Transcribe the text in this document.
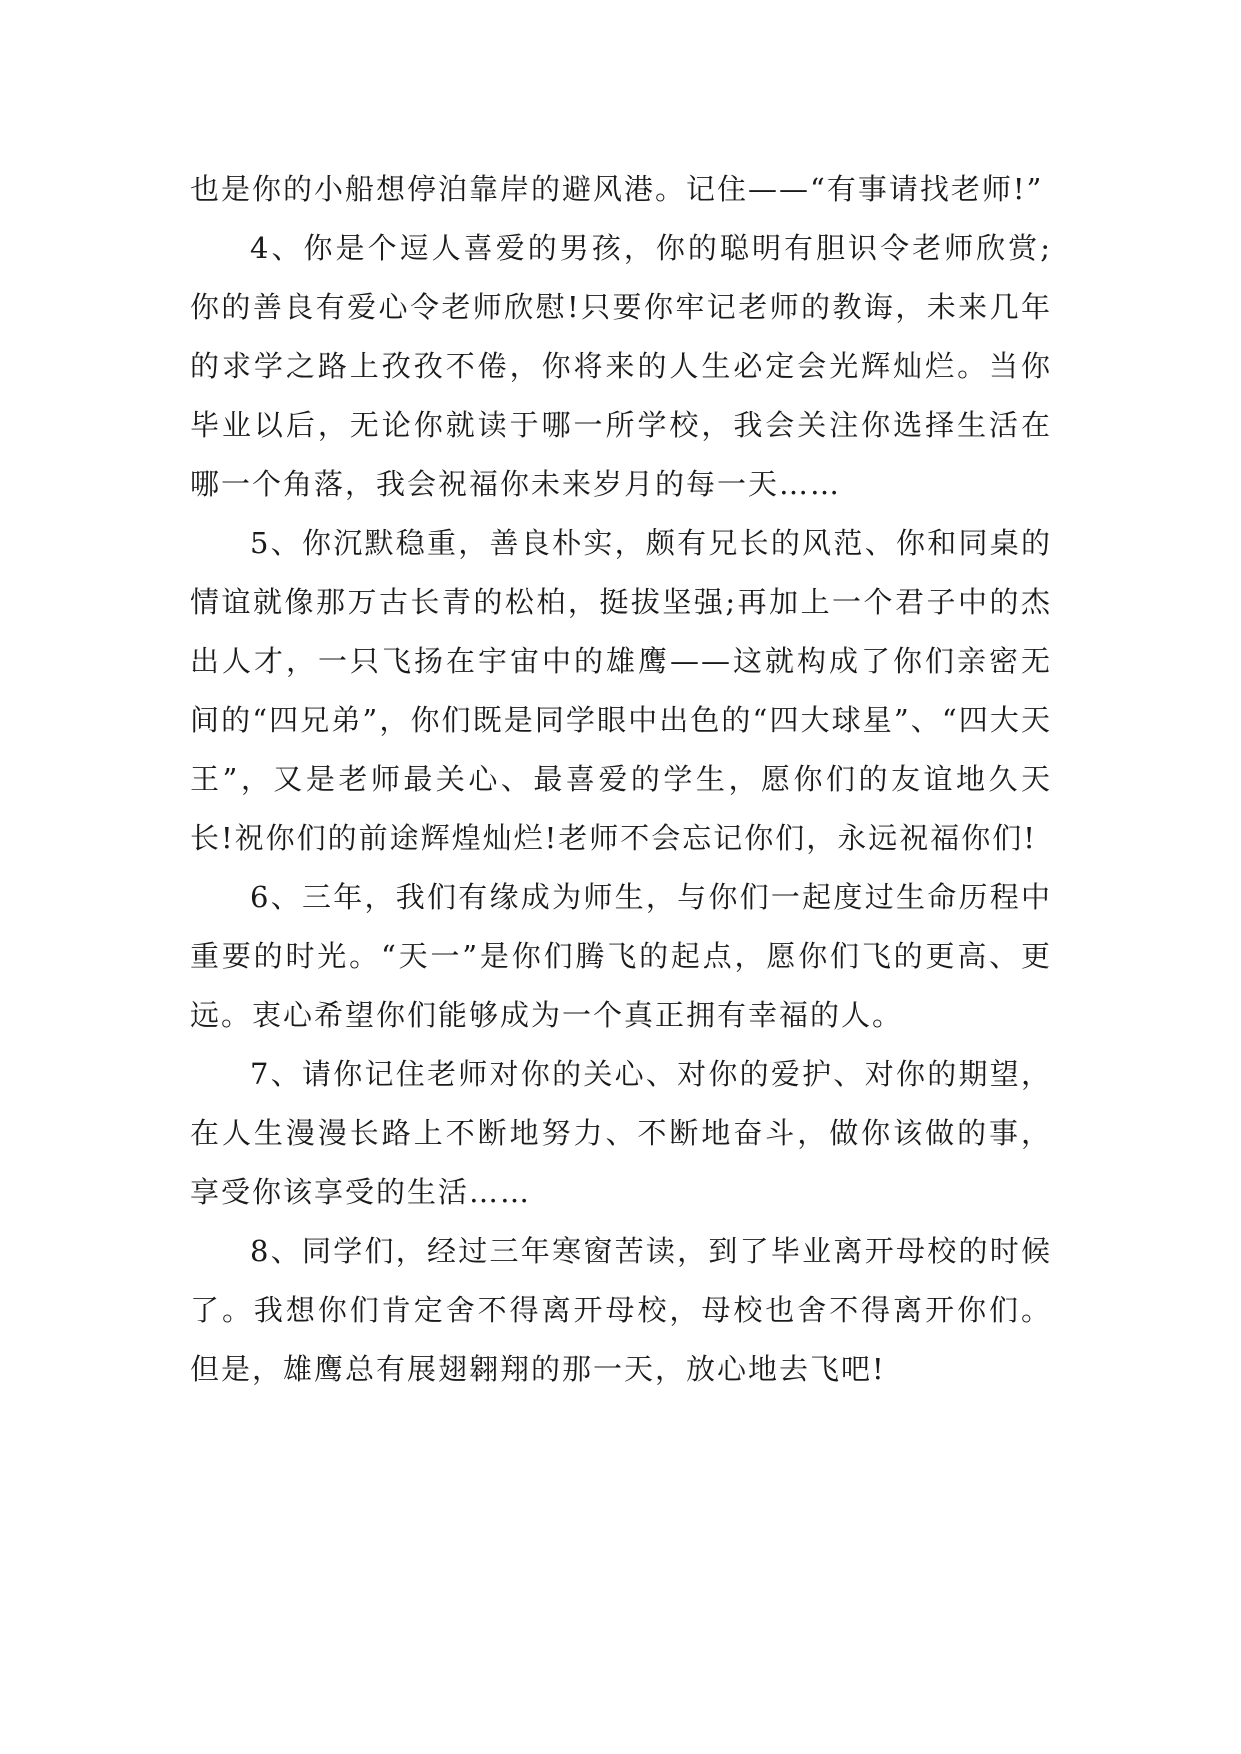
也是你的小船想停泊靠岸的避风港。记住——“有事请找老师!”

4、你是个逗人喜爱的男孩，你的聪明有胆识令老师欣赏;你的善良有爱心令老师欣慰!只要你牢记老师的教诲，未来几年的求学之路上孜孜不倦，你将来的人生必定会光辉灿烂。当你毕业以后，无论你就读于哪一所学校，我会关注你选择生活在哪一个角落，我会祝福你未来岁月的每一天……

5、你沉默稳重，善良朴实，颇有兄长的风范、你和同桌的情谊就像那万古长青的松柏，挺拔坚强;再加上一个君子中的杰出人才，一只飞扬在宇宙中的雄鹰——这就构成了你们亲密无间的“四兄弟”，你们既是同学眼中出色的“四大球星”、“四大天王”，又是老师最关心、最喜爱的学生，愿你们的友谊地久天长!祝你们的前途辉煌灿烂!老师不会忘记你们，永远祝福你们!

6、三年，我们有缘成为师生，与你们一起度过生命历程中重要的时光。“天一”是你们腾飞的起点，愿你们飞的更高、更远。衷心希望你们能够成为一个真正拥有幸福的人。

7、请你记住老师对你的关心、对你的爱护、对你的期望，在人生漫漫长路上不断地努力、不断地奋斗，做你该做的事，享受你该享受的生活……

8、同学们，经过三年寒窗苦读，到了毕业离开母校的时候了。我想你们肯定舍不得离开母校，母校也舍不得离开你们。但是，雄鹰总有展翅翱翔的那一天，放心地去飞吧!
